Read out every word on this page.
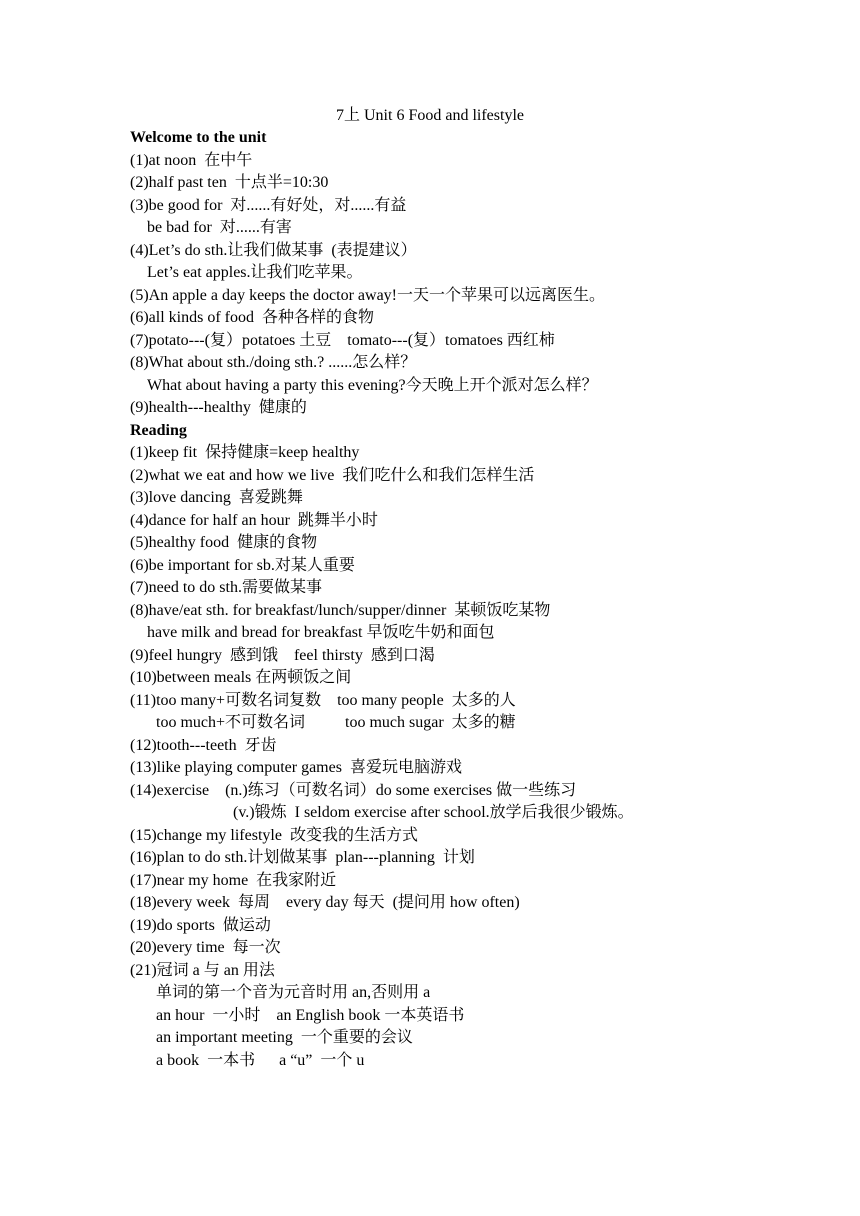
7上 Unit 6 Food and lifestyle
Welcome to the unit
(1)at noon  在中午
(2)half past ten  十点半=10:30
(3)be good for  对......有好处，对......有益
be bad for  对......有害
(4)Let’s do sth.让我们做某事  (表提建议）
Let’s eat apples.让我们吃苹果。
(5)An apple a day keeps the doctor away!一天一个苹果可以远离医生。
(6)all kinds of food  各种各样的食物
(7)potato---(复）potatoes 土豆    tomato---(复）tomatoes 西红柿
(8)What about sth./doing sth.? ......怎么样？
What about having a party this evening?今天晚上开个派对怎么样？
(9)health---healthy  健康的
Reading
(1)keep fit  保持健康=keep healthy
(2)what we eat and how we live  我们吃什么和我们怎样生活
(3)love dancing  喜爱跳舞
(4)dance for half an hour  跳舞半小时
(5)healthy food  健康的食物
(6)be important for sb.对某人重要
(7)need to do sth.需要做某事
(8)have/eat sth. for breakfast/lunch/supper/dinner  某顿饭吃某物
have milk and bread for breakfast 早饭吃牛奶和面包
(9)feel hungry  感到饿    feel thirsty  感到口渴
(10)between meals 在两顿饭之间
(11)too many+可数名词复数    too many people  太多的人
too much+不可数名词          too much sugar  太多的糖
(12)tooth---teeth  牙齿
(13)like playing computer games  喜爱玩电脑游戏
(14)exercise    (n.)练习（可数名词）do some exercises 做一些练习
(v.)锻炼  I seldom exercise after school.放学后我很少锻炼。
(15)change my lifestyle  改变我的生活方式
(16)plan to do sth.计划做某事  plan---planning  计划
(17)near my home  在我家附近
(18)every week  每周    every day 每天  (提问用 how often)
(19)do sports  做运动
(20)every time  每一次
(21)冠词 a 与 an 用法
单词的第一个音为元音时用 an,否则用 a
an hour  一小时    an English book 一本英语书
an important meeting  一个重要的会议
a book  一本书      a “u”  一个 u
